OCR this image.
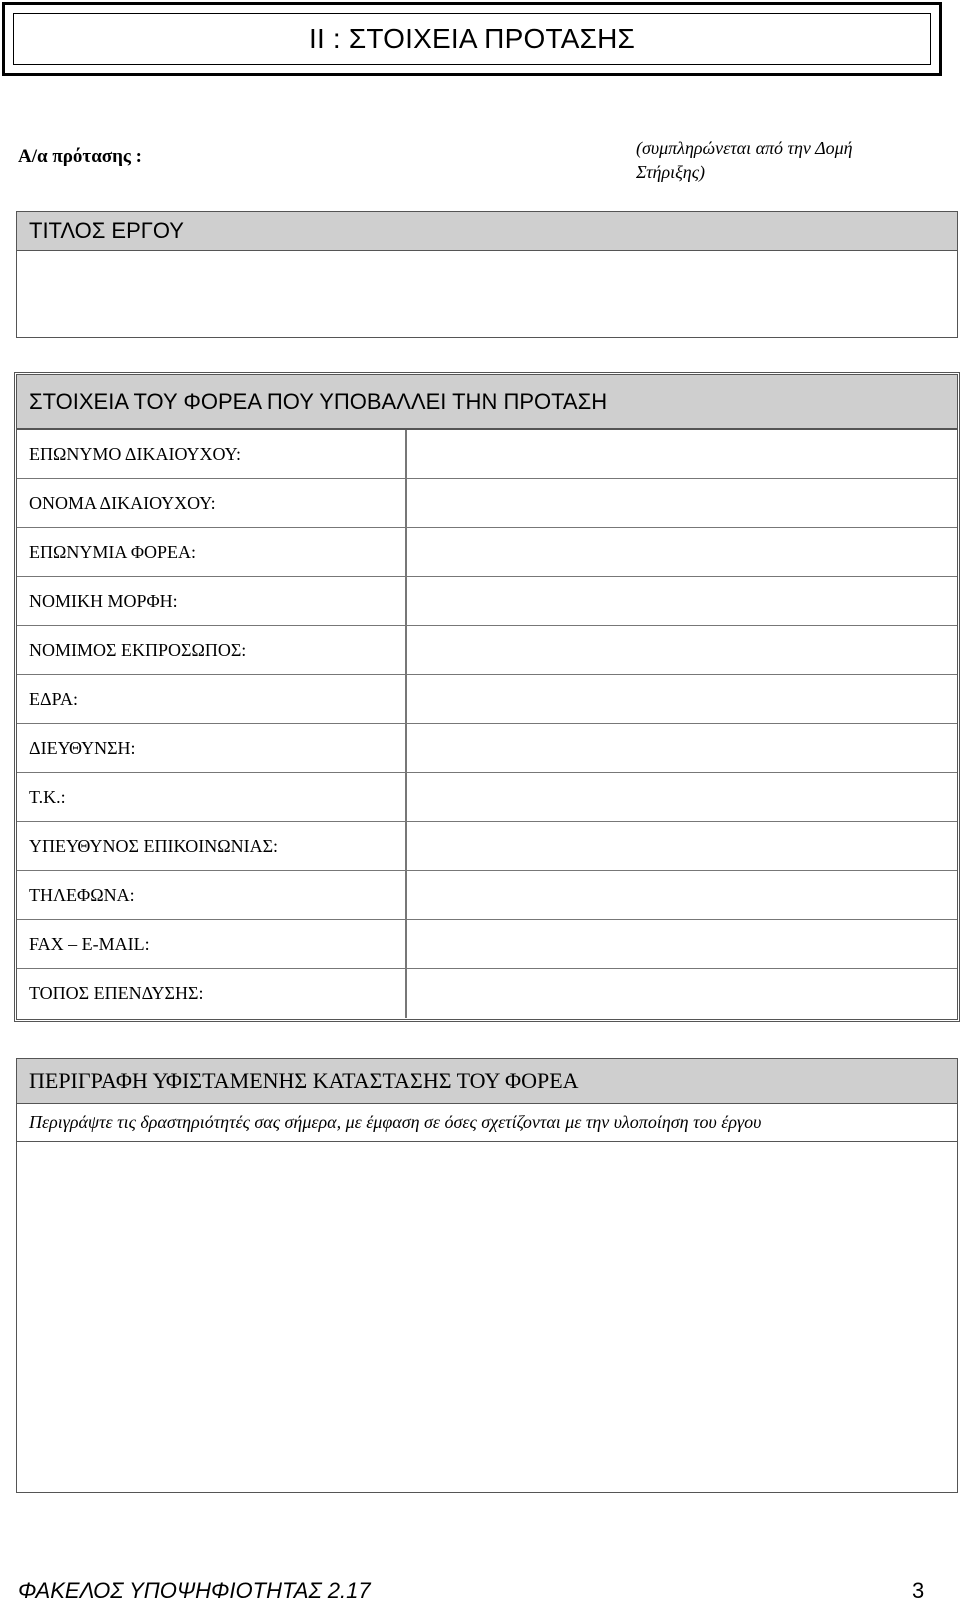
II : ΣΤΟΙΧΕΙΑ ΠΡΟΤΑΣΗΣ
Α/α πρότασης :	(συμπληρώνεται από την Δομή Στήριξης)
ΤΙΤΛΟΣ ΕΡΓΟΥ
ΣΤΟΙΧΕΙΑ ΤΟΥ ΦΟΡΕΑ ΠΟΥ ΥΠΟΒΑΛΛΕΙ ΤΗΝ ΠΡΟΤΑΣΗ
ΕΠΩΝΥΜΟ ΔΙΚΑΙΟΥΧΟΥ:
ΟΝΟΜΑ ΔΙΚΑΙΟΥΧΟΥ:
ΕΠΩΝΥΜΙΑ ΦΟΡΕΑ:
ΝΟΜΙΚΗ ΜΟΡΦΗ:
ΝΟΜΙΜΟΣ ΕΚΠΡΟΣΩΠΟΣ:
ΕΔΡΑ:
ΔΙΕΥΘΥΝΣΗ:
Τ.Κ.:
ΥΠΕΥΘΥΝΟΣ ΕΠΙΚΟΙΝΩΝΙΑΣ:
ΤΗΛΕΦΩΝΑ:
FAX – E-MAIL:
ΤΟΠΟΣ ΕΠΕΝΔΥΣΗΣ:
ΠΕΡΙΓΡΑΦΗ ΥΦΙΣΤΑΜΕΝΗΣ ΚΑΤΑΣΤΑΣΗΣ ΤΟΥ ΦΟΡΕΑ
Περιγράψτε τις δραστηριότητές σας σήμερα, με έμφαση σε όσες σχετίζονται με την υλοποίηση του έργου
ΦΑΚΕΛΟΣ ΥΠΟΨΗΦΙΟΤΗΤΑΣ 2.17	3
